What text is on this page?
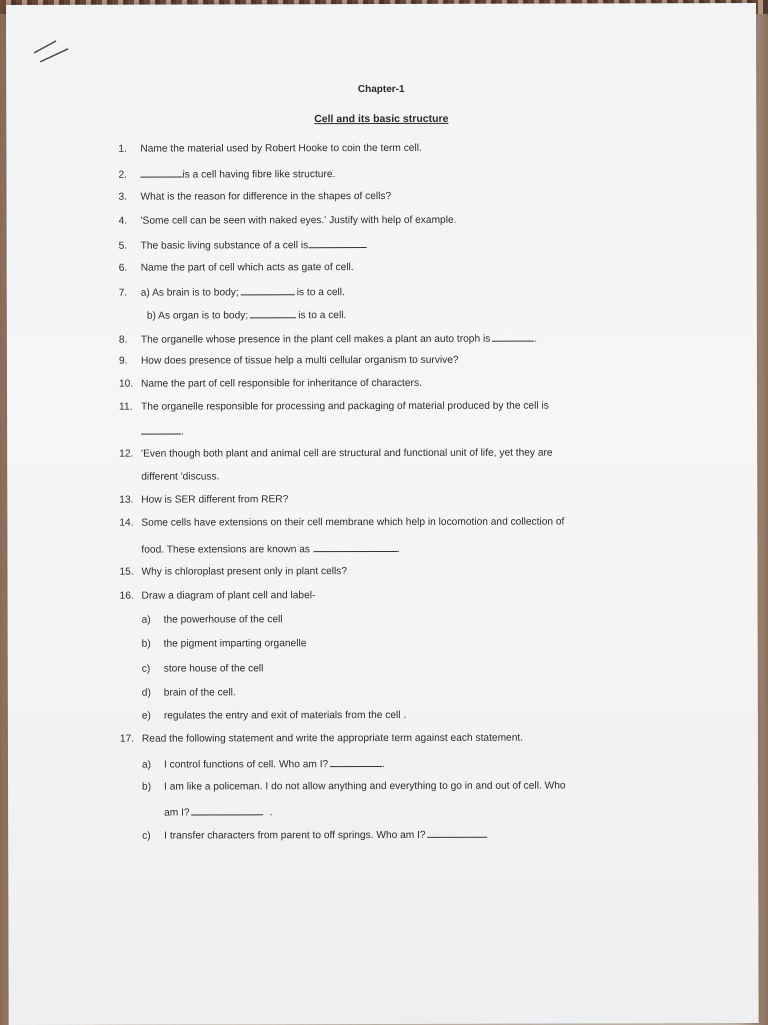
Chapter-1
Cell and its basic structure
1. Name the material used by Robert Hooke to coin the term cell.
2.	is a cell having fibre like structure.
3. What is the reason for difference in the shapes of cells?
4. 'Some cell can be seen with naked eyes.' Justify with help of example.
5. The basic living substance of a cell is
6. Name the part of cell which acts as gate of cell.
7. a) As brain is to body;	is to a cell.
b) As organ is to body;	is to a cell.
8. The organelle whose presence in the plant cell makes a plant an auto troph is	.
9. How does presence of tissue help a multi cellular organism to survive?
10. Name the part of cell responsible for inheritance of characters.
11. The organelle responsible for processing and packaging of material produced by the cell is
.
12. 'Even though both plant and animal cell are structural and functional unit of life, yet they are
different 'discuss.
13. How is SER different from RER?
14. Some cells have extensions on their cell membrane which help in locomotion and collection of
food. These extensions are known as	.
15. Why is chloroplast present only in plant cells?
16. Draw a diagram of plant cell and label-
a) the powerhouse of the cell
b) the pigment imparting organelle
c) store house of the cell
d) brain of the cell.
e) regulates the entry and exit of materials from the cell .
17. Read the following statement and write the appropriate term against each statement.
a) I control functions of cell. Who am I?	.
b) I am like a policeman. I do not allow anything and everything to go in and out of cell. Who
am I?	.
c) I transfer characters from parent to off springs. Who am I?
